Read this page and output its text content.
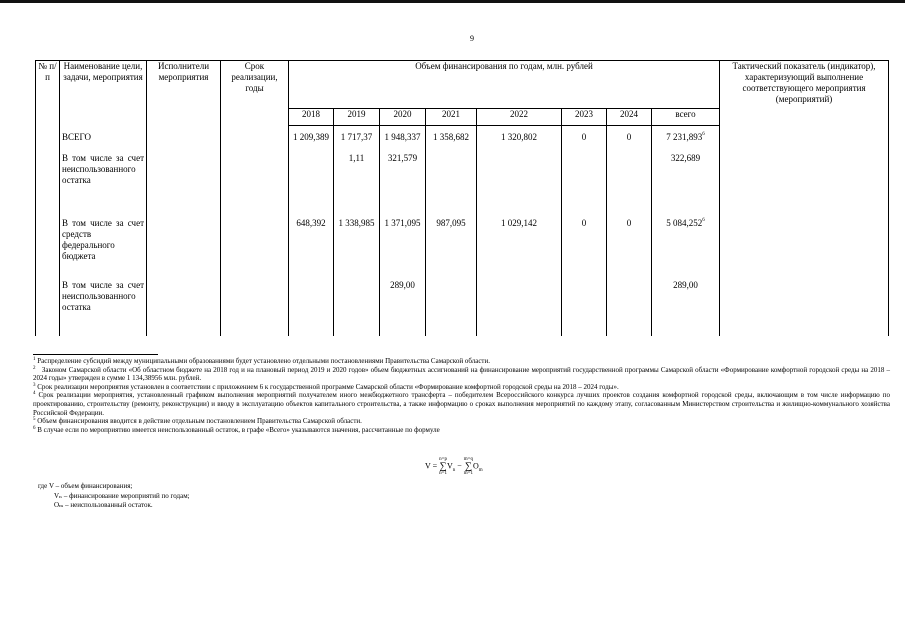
9
№ п/п	Наименование цели, задачи, мероприятия	Исполнители мероприятия	Срок реализации, годы	Объем финансирования по годам, млн. рублей								Тактический показатель (индикатор), характеризующий выполнение соответствующего мероприятия (мероприятий)
				2018	2019	2020	2021	2022	2023	2024	всего	
	ВСЕГО			1 209,389	1 717,37	1 948,337	1 358,682	1 320,802	0	0	7 231,893$^6$	
	В том числе за счет неиспользованного остатка				1,11	321,579					322,689	
	В том числе за счет средств федерального бюджета			648,392	1 338,985	1 371,095	987,095	1 029,142	0	0	5 084,252$^6$	
	В том числе за счет неиспользованного остатка					289,00					289,00	

$^1$ Распределение субсидий между муниципальными образованиями будет установлено отдельными постановлениями Правительства Самарской области.

$^2$ Законом Самарской области «Об областном бюджете на 2018 год и на плановый период 2019 и 2020 годов» объем бюджетных ассигнований на финансирование мероприятий государственной программы Самарской области «Формирование комфортной городской среды на 2018 – 2024 годы» утвержден в сумме 1 134,38956 млн. рублей.

$^3$ Срок реализации мероприятия установлен в соответствии с приложением 6 к государственной программе Самарской области «Формирование комфортной городской среды на 2018 – 2024 годы».

$^4$ Срок реализации мероприятия, установленный графиком выполнения мероприятий получателем иного межбюджетного трансферта – победителем Всероссийского конкурса лучших проектов создания комфортной городской среды, включающим в том числе информацию по проектированию, строительству (ремонту, реконструкции) и вводу в эксплуатацию объектов капитального строительства, а также информацию о сроках выполнения мероприятий по каждому этапу, согласованным Министерством строительства и жилищно-коммунального хозяйства Российской Федерации.

$^5$ Объем финансирования вводится в действие отдельным постановлением Правительства Самарской области.

$^6$ В случае если по мероприятию имеется неиспользованный остаток, в графе «Всего» указываются значения, рассчитанные по формуле

V = n=p
∑
$n=1V_n - m=q$
∑
$m=1O_m$
где V – объем финансирования;
Vₙ – финансирование мероприятий по годам;
Oₘ – неиспользованный остаток.
